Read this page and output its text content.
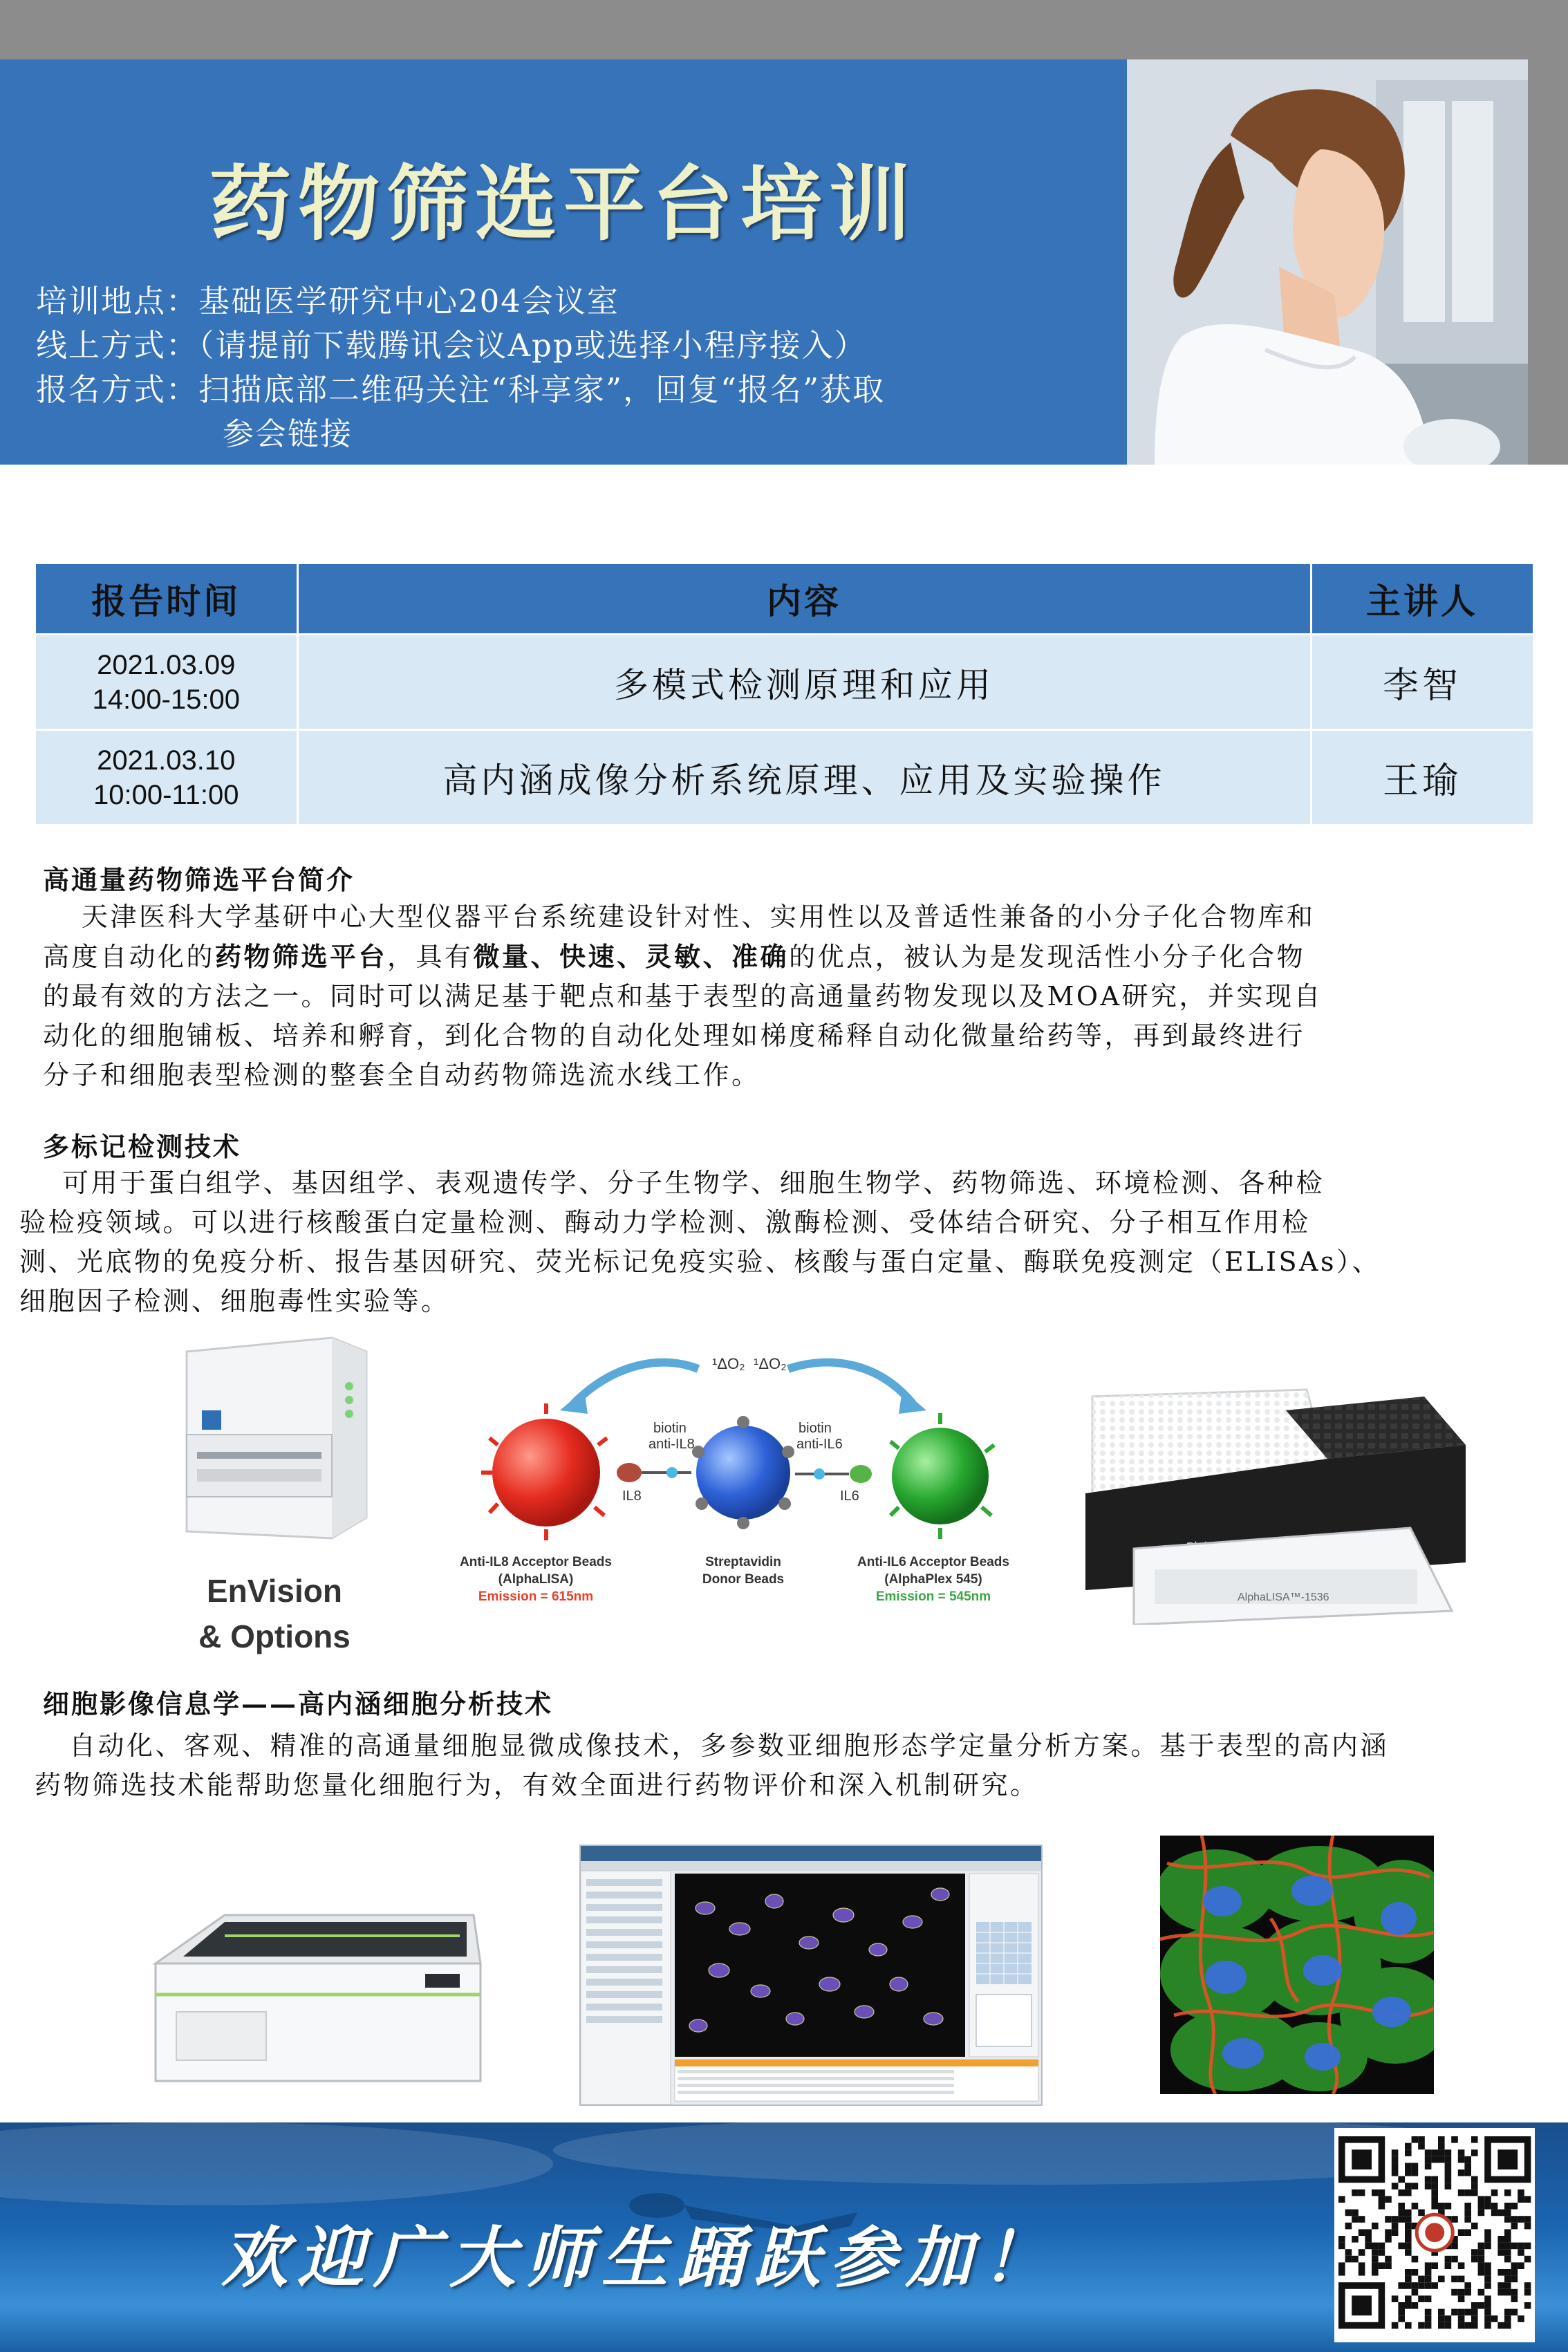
药物筛选平台培训
培训地点：基础医学研究中心204会议室
线上方式：（请提前下载腾讯会议App或选择小程序接入）
报名方式：扫描底部二维码关注“科享家”，回复“报名”获取
参会链接
报告时间	内容	主讲人

2021.03.09
14:00-15:00	多模式检测原理和应用	李智

2021.03.10
10:00-11:00	高内涵成像分析系统原理、应用及实验操作	王瑜
高通量药物筛选平台简介
天津医科大学基研中心大型仪器平台系统建设针对性、实用性以及普适性兼备的小分子化合物库和
高度自动化的药物筛选平台，具有微量、快速、灵敏、准确的优点，被认为是发现活性小分子化合物
的最有效的方法之一。同时可以满足基于靶点和基于表型的高通量药物发现以及MOA研究，并实现自
动化的细胞铺板、培养和孵育，到化合物的自动化处理如梯度稀释自动化微量给药等，再到最终进行
分子和细胞表型检测的整套全自动药物筛选流水线工作。
多标记检测技术
可用于蛋白组学、基因组学、表观遗传学、分子生物学、细胞生物学、药物筛选、环境检测、各种检
验检疫领域。可以进行核酸蛋白定量检测、酶动力学检测、激酶检测、受体结合研究、分子相互作用检
测、光底物的免疫分析、报告基因研究、荧光标记免疫实验、核酸与蛋白定量、酶联免疫测定（ELISAs）、
细胞因子检测、细胞毒性实验等。
EnVision
& Options
¹ΔO₂ ¹ΔO₂
biotin
anti-IL8
biotin
anti-IL6
IL8	IL6
Anti-IL8 Acceptor Beads
(AlphaLISA)
Emission = 615nm
Streptavidin
Donor Beads
Anti-IL6 Acceptor Beads
(AlphaPlex 545)
Emission = 545nm	AlphaLISA™-1536
细胞影像信息学——高内涵细胞分析技术
自动化、客观、精准的高通量细胞显微成像技术，多参数亚细胞形态学定量分析方案。基于表型的高内涵
药物筛选技术能帮助您量化细胞行为，有效全面进行药物评价和深入机制研究。
欢迎广大师生踊跃参加！
